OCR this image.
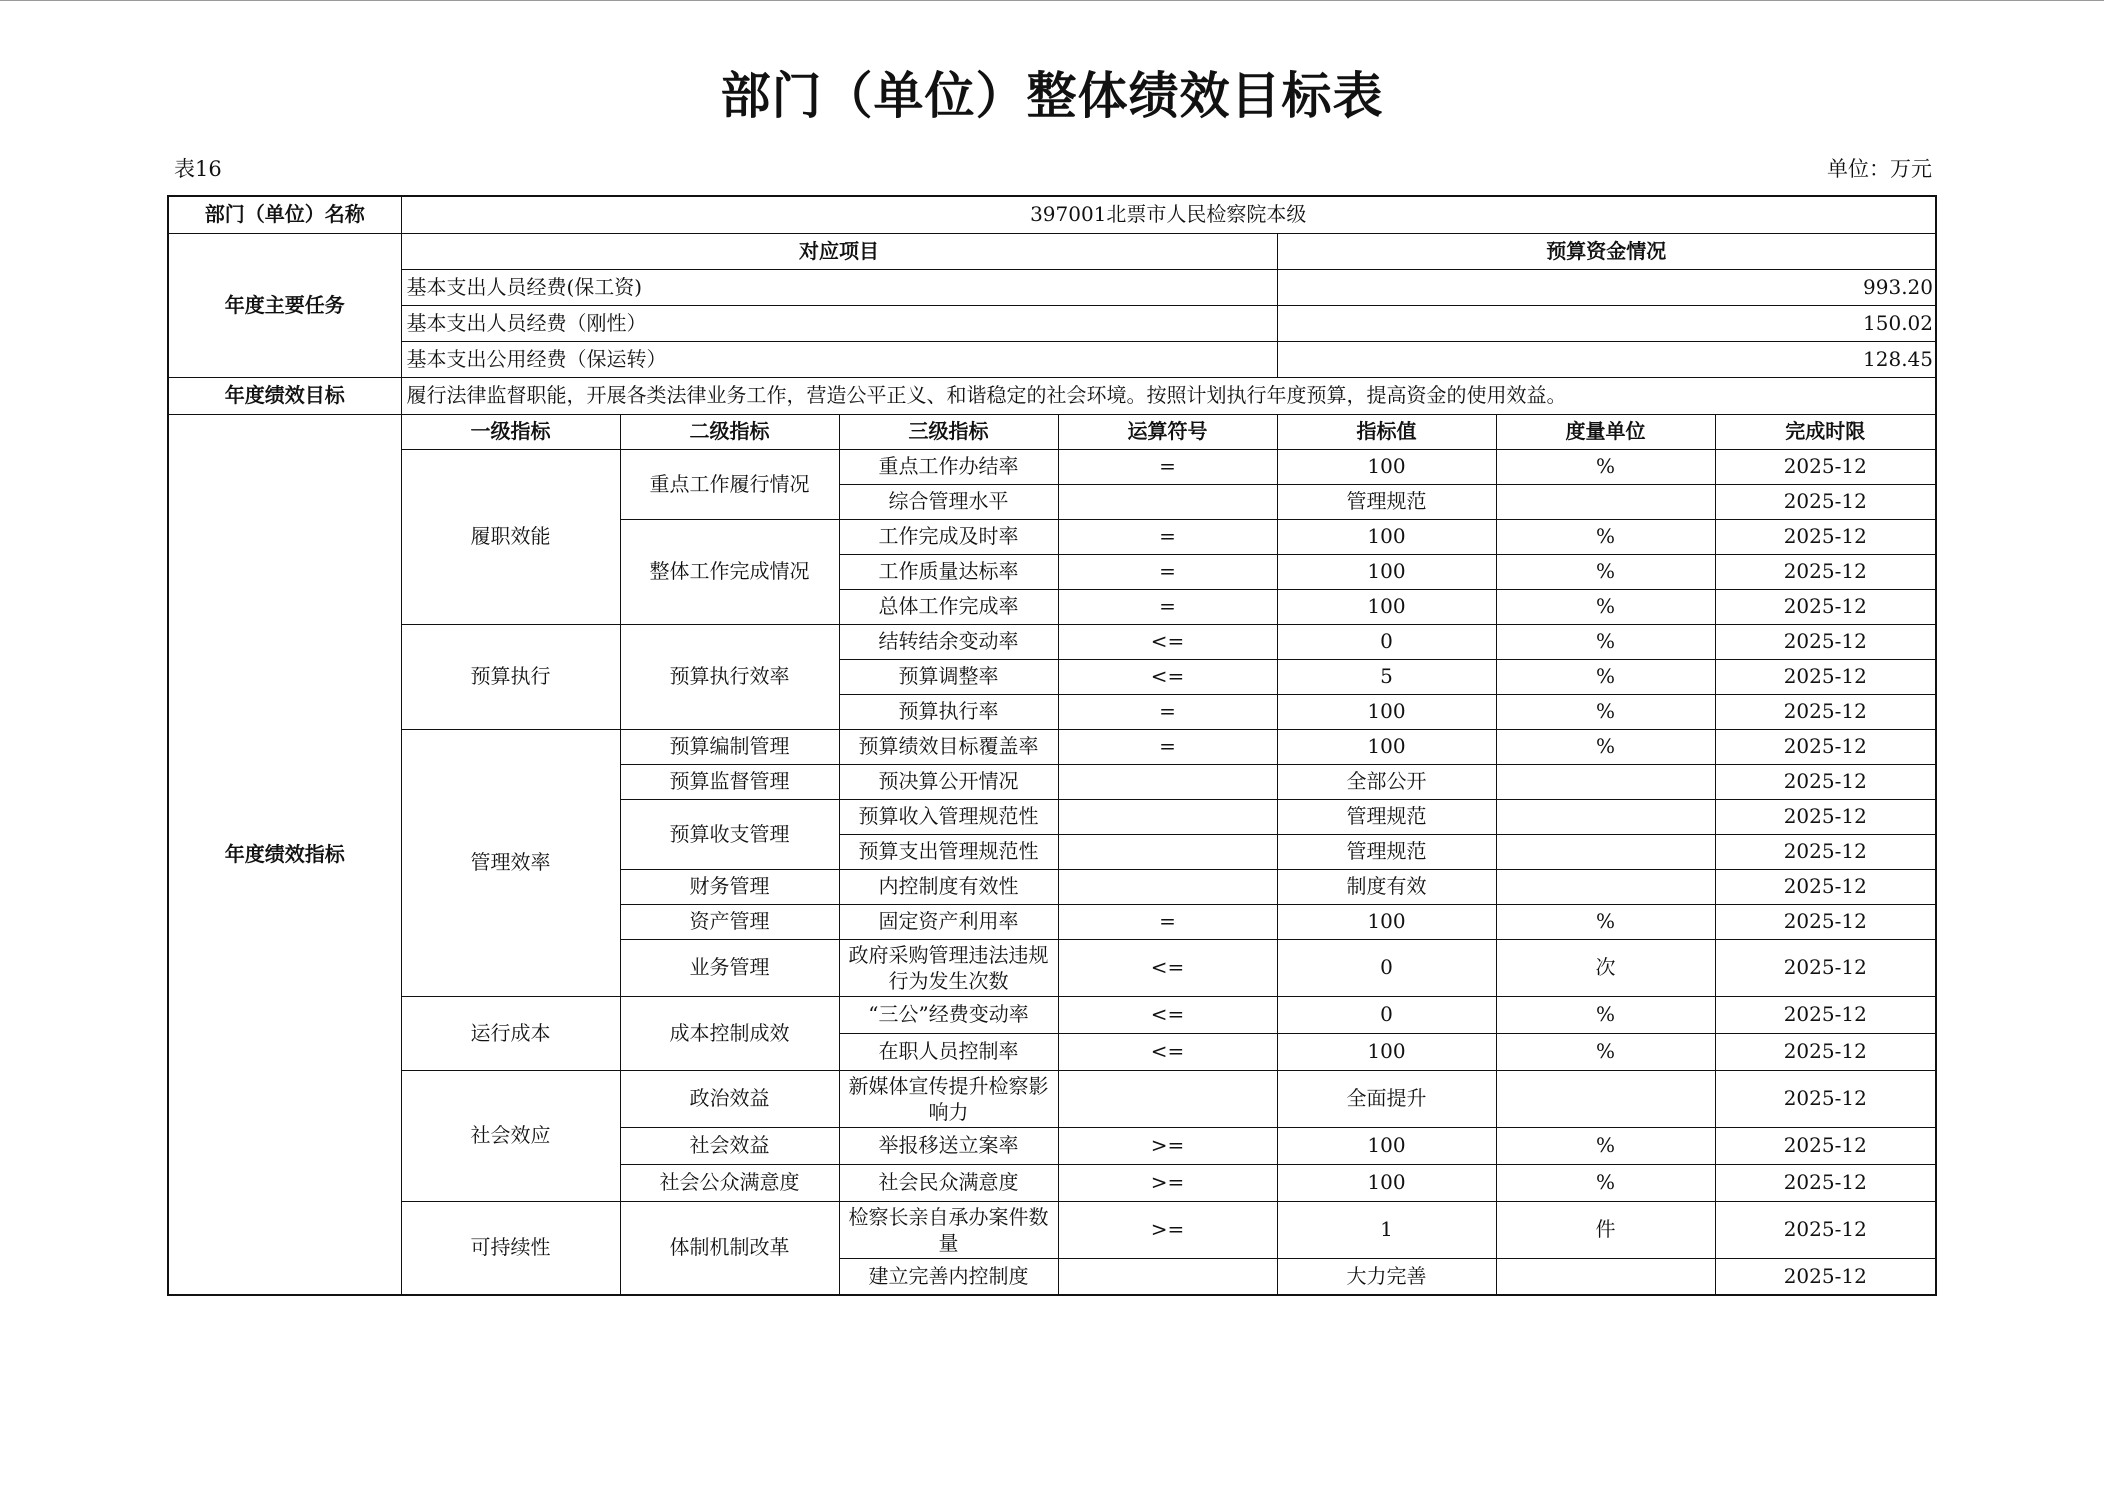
部门（单位）整体绩效目标表
表16	单位：万元
部门（单位）名称	397001北票市人民检察院本级						
年度主要任务	对应项目				预算资金情况		
	基本支出人员经费(保工资)				993.20		
	基本支出人员经费（刚性）				150.02		
	基本支出公用经费（保运转）				128.45		
年度绩效目标	履行法律监督职能，开展各类法律业务工作，营造公平正义、和谐稳定的社会环境。按照计划执行年度预算，提高资金的使用效益。						
年度绩效指标	一级指标	二级指标	三级指标	运算符号	指标值	度量单位	完成时限
	履职效能	重点工作履行情况	重点工作办结率	=	100	%	2025-12
			综合管理水平		管理规范		2025-12
		整体工作完成情况	工作完成及时率	=	100	%	2025-12
			工作质量达标率	=	100	%	2025-12
			总体工作完成率	=	100	%	2025-12
	预算执行	预算执行效率	结转结余变动率	<=	0	%	2025-12
			预算调整率	<=	5	%	2025-12
			预算执行率	=	100	%	2025-12
	管理效率	预算编制管理	预算绩效目标覆盖率	=	100	%	2025-12
		预算监督管理	预决算公开情况		全部公开		2025-12
		预算收支管理	预算收入管理规范性		管理规范		2025-12
			预算支出管理规范性		管理规范		2025-12
		财务管理	内控制度有效性		制度有效		2025-12
		资产管理	固定资产利用率	=	100	%	2025-12
		业务管理	政府采购管理违法违规行为发生次数	<=	0	次	2025-12
	运行成本	成本控制成效	“三公”经费变动率	<=	0	%	2025-12
			在职人员控制率	<=	100	%	2025-12
	社会效应	政治效益	新媒体宣传提升检察影响力		全面提升		2025-12
		社会效益	举报移送立案率	>=	100	%	2025-12
		社会公众满意度	社会民众满意度	>=	100	%	2025-12
	可持续性	体制机制改革	检察长亲自承办案件数量	>=	1	件	2025-12
			建立完善内控制度		大力完善		2025-12
